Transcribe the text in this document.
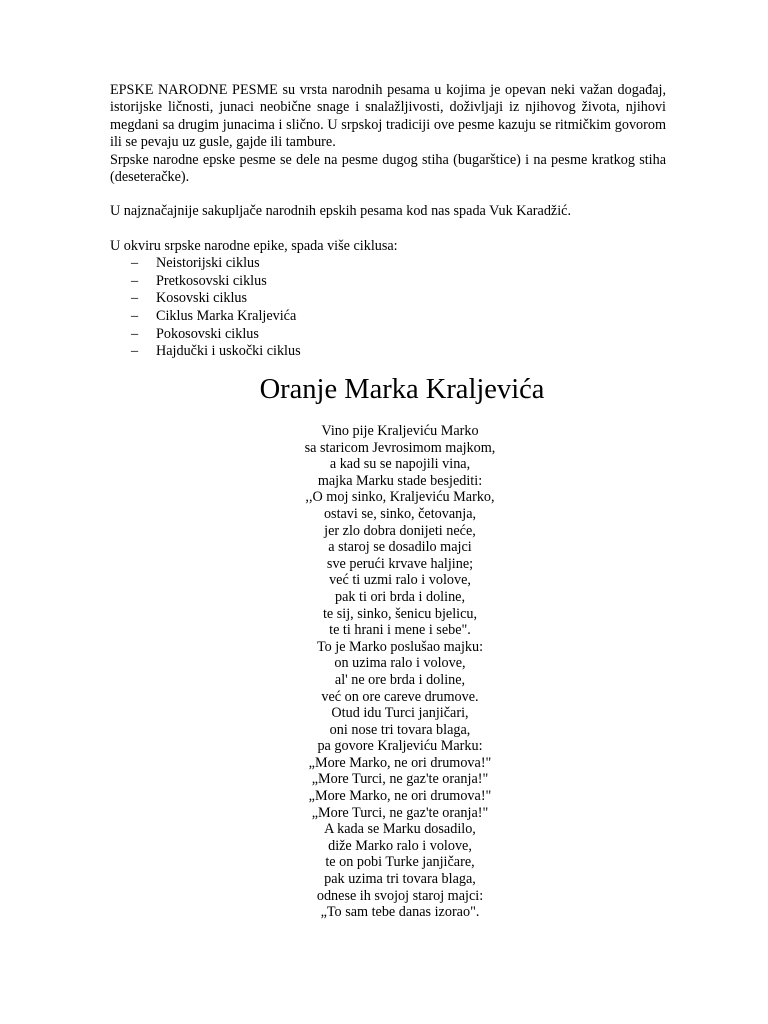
EPSKE NARODNE PESME su vrsta narodnih pesama u kojima je opevan neki važan događaj, istorijske ličnosti, junaci neobične snage i snalažljivosti, doživljaji iz njihovog života, njihovi megdani sa drugim junacima i slično. U srpskoj tradiciji ove pesme kazuju se ritmičkim govorom ili se pevaju uz gusle, gajde ili tambure.

Srpske narodne epske pesme se dele na pesme dugog stiha (bugarštice) i na pesme kratkog stiha (deseteračke).

U najznačajnije sakupljače narodnih epskih pesama kod nas spada Vuk Karadžić.

U okviru srpske narodne epike, spada više ciklusa:

– Neistorijski ciklus
– Pretkosovski ciklus
– Kosovski ciklus
– Ciklus Marka Kraljevića
– Pokosovski ciklus
– Hajdučki i uskočki ciklus
Oranje Marka Kraljevića
Vino pije Kraljeviću Marko
sa staricom Jevrosimom majkom,
a kad su se napojili vina,
majka Marku stade besjediti:
,,O moj sinko, Kraljeviću Marko,
ostavi se, sinko, četovanja,
jer zlo dobra donijeti neće,
a staroj se dosadilo majci
sve perući krvave haljine;
već ti uzmi ralo i volove,
pak ti ori brda i doline,
te sij, sinko, šenicu bjelicu,
te ti hrani i mene i sebe".
To je Marko poslušao majku:
on uzima ralo i volove,
al' ne ore brda i doline,
već on ore careve drumove.
Otud idu Turci janjičari,
oni nose tri tovara blaga,
pa govore Kraljeviću Marku:
„More Marko, ne ori drumova!"
„More Turci, ne gaz'te oranja!"
„More Marko, ne ori drumova!"
„More Turci, ne gaz'te oranja!"
A kada se Marku dosadilo,
diže Marko ralo i volove,
te on pobi Turke janjičare,
pak uzima tri tovara blaga,
odnese ih svojoj staroj majci:
„To sam tebe danas izorao".
